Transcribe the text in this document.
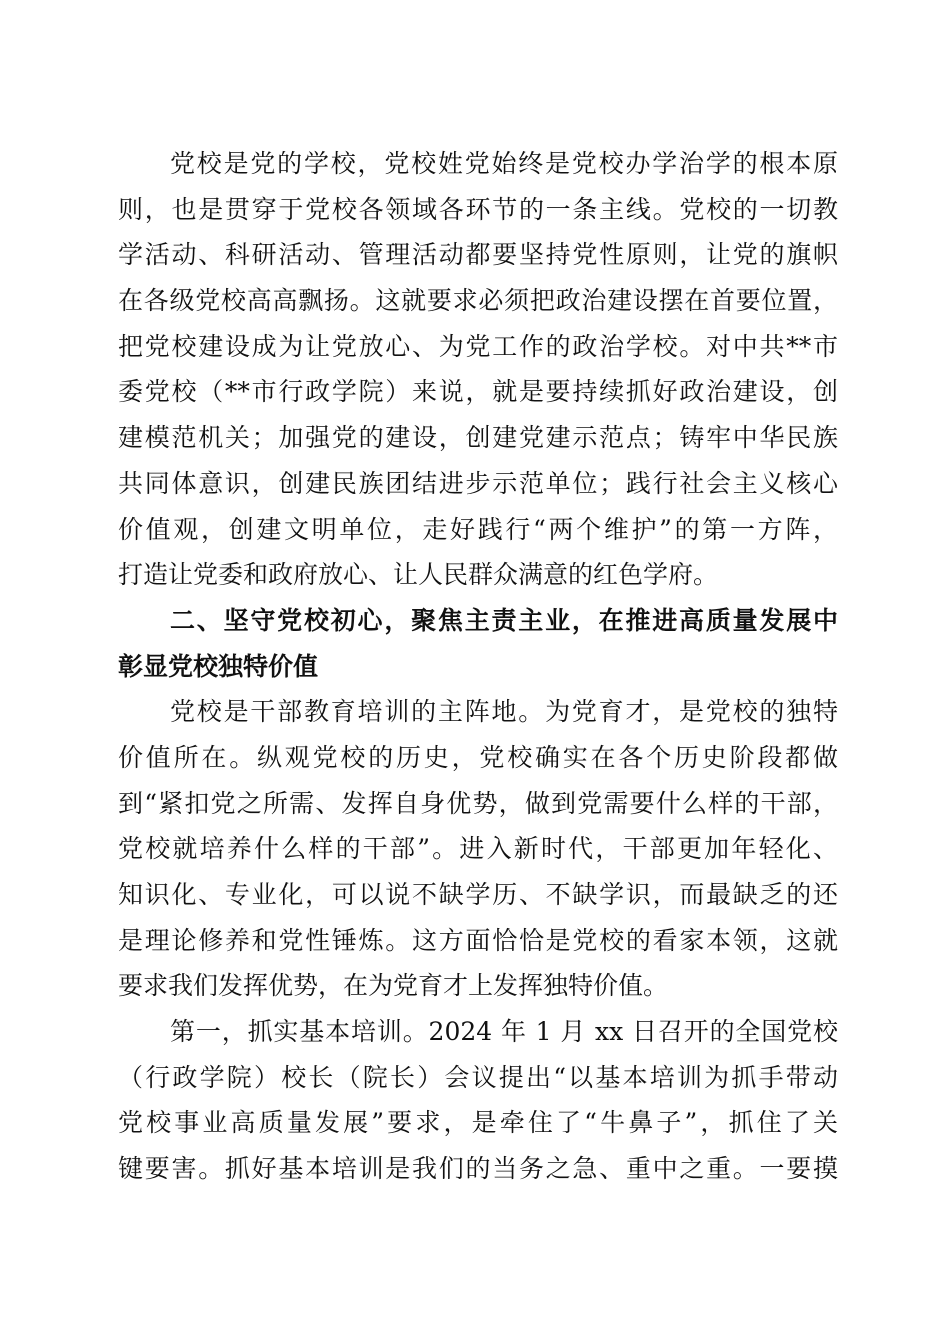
党校是党的学校，党校姓党始终是党校办学治学的根本原
则，也是贯穿于党校各领域各环节的一条主线。党校的一切教
学活动、科研活动、管理活动都要坚持党性原则，让党的旗帜
在各级党校高高飘扬。这就要求必须把政治建设摆在首要位置，
把党校建设成为让党放心、为党工作的政治学校。对中共**市
委党校（**市行政学院）来说，就是要持续抓好政治建设，创
建模范机关；加强党的建设，创建党建示范点；铸牢中华民族
共同体意识，创建民族团结进步示范单位；践行社会主义核心
价值观，创建文明单位，走好践行“两个维护”的第一方阵，
打造让党委和政府放心、让人民群众满意的红色学府。
二、坚守党校初心，聚焦主责主业，在推进高质量发展中
彰显党校独特价值
党校是干部教育培训的主阵地。为党育才，是党校的独特
价值所在。纵观党校的历史，党校确实在各个历史阶段都做
到“紧扣党之所需、发挥自身优势，做到党需要什么样的干部，
党校就培养什么样的干部”。进入新时代，干部更加年轻化、
知识化、专业化，可以说不缺学历、不缺学识，而最缺乏的还
是理论修养和党性锤炼。这方面恰恰是党校的看家本领，这就
要求我们发挥优势，在为党育才上发挥独特价值。
第一，抓实基本培训。2024 年 1 月 xx 日召开的全国党校
（行政学院）校长（院长）会议提出“以基本培训为抓手带动
党校事业高质量发展”要求，是牵住了“牛鼻子”，抓住了关
键要害。抓好基本培训是我们的当务之急、重中之重。一要摸
